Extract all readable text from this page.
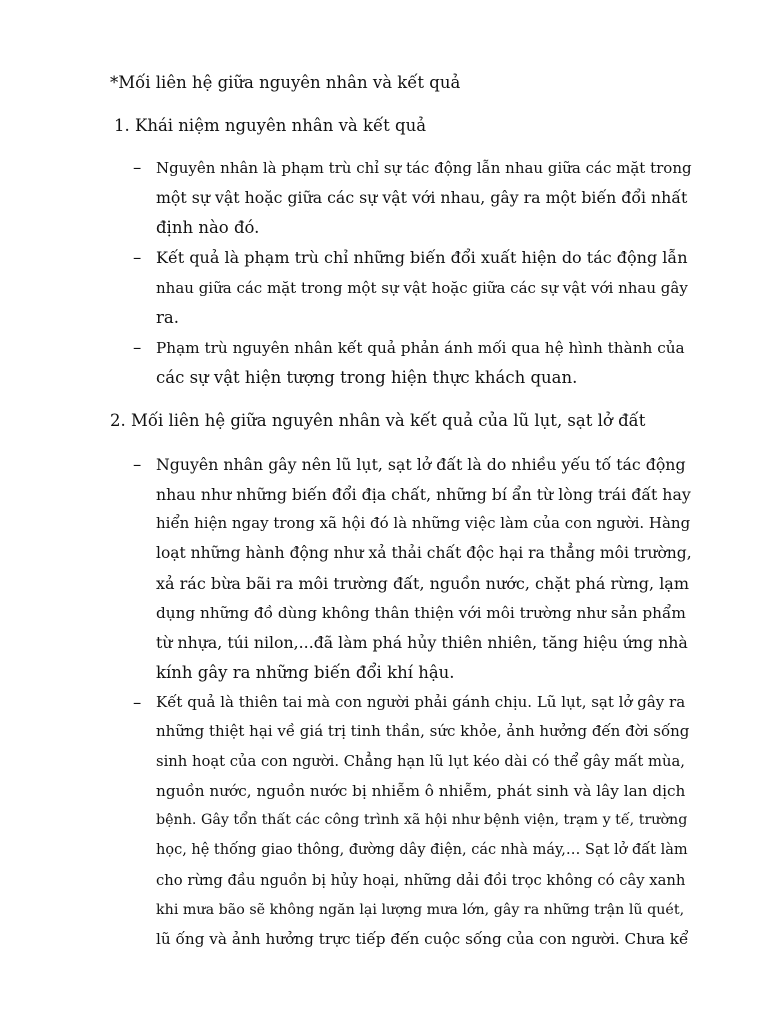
*Mối liên hệ giữa nguyên nhân và kết quả
1. Khái niệm nguyên nhân và kết quả
– Nguyên nhân là phạm trù chỉ sự tác động lẫn nhau giữa các mặt trong
một sự vật hoặc giữa các sự vật với nhau, gây ra một biến đổi nhất
định nào đó.
– Kết quả là phạm trù chỉ những biến đổi xuất hiện do tác động lẫn
nhau giữa các mặt trong một sự vật hoặc giữa các sự vật với nhau gây
ra.
– Phạm trù nguyên nhân kết quả phản ánh mối qua hệ hình thành của
các sự vật hiện tượng trong hiện thực khách quan.
2. Mối liên hệ giữa nguyên nhân và kết quả của lũ lụt, sạt lở đất
– Nguyên nhân gây nên lũ lụt, sạt lở đất là do nhiều yếu tố tác động
nhau như những biến đổi địa chất, những bí ẩn từ lòng trái đất hay
hiển hiện ngay trong xã hội đó là những việc làm của con người. Hàng
loạt những hành động như xả thải chất độc hại ra thẳng môi trường,
xả rác bừa bãi ra môi trường đất, nguồn nước, chặt phá rừng, lạm
dụng những đồ dùng không thân thiện với môi trường như sản phẩm
từ nhựa, túi nilon,...đã làm phá hủy thiên nhiên, tăng hiệu ứng nhà
kính gây ra những biến đổi khí hậu.
– Kết quả là thiên tai mà con người phải gánh chịu. Lũ lụt, sạt lở gây ra
những thiệt hại về giá trị tinh thần, sức khỏe, ảnh hưởng đến đời sống
sinh hoạt của con người. Chẳng hạn lũ lụt kéo dài có thể gây mất mùa,
nguồn nước, nguồn nước bị nhiễm ô nhiễm, phát sinh và lây lan dịch
bệnh. Gây tổn thất các công trình xã hội như bệnh viện, trạm y tế, trường
học, hệ thống giao thông, đường dây điện, các nhà máy,… Sạt lở đất làm
cho rừng đầu nguồn bị hủy hoại, những dải đồi trọc không có cây xanh
khi mưa bão sẽ không ngăn lại lượng mưa lớn, gây ra những trận lũ quét,
lũ ống và ảnh hưởng trực tiếp đến cuộc sống của con người. Chưa kể
